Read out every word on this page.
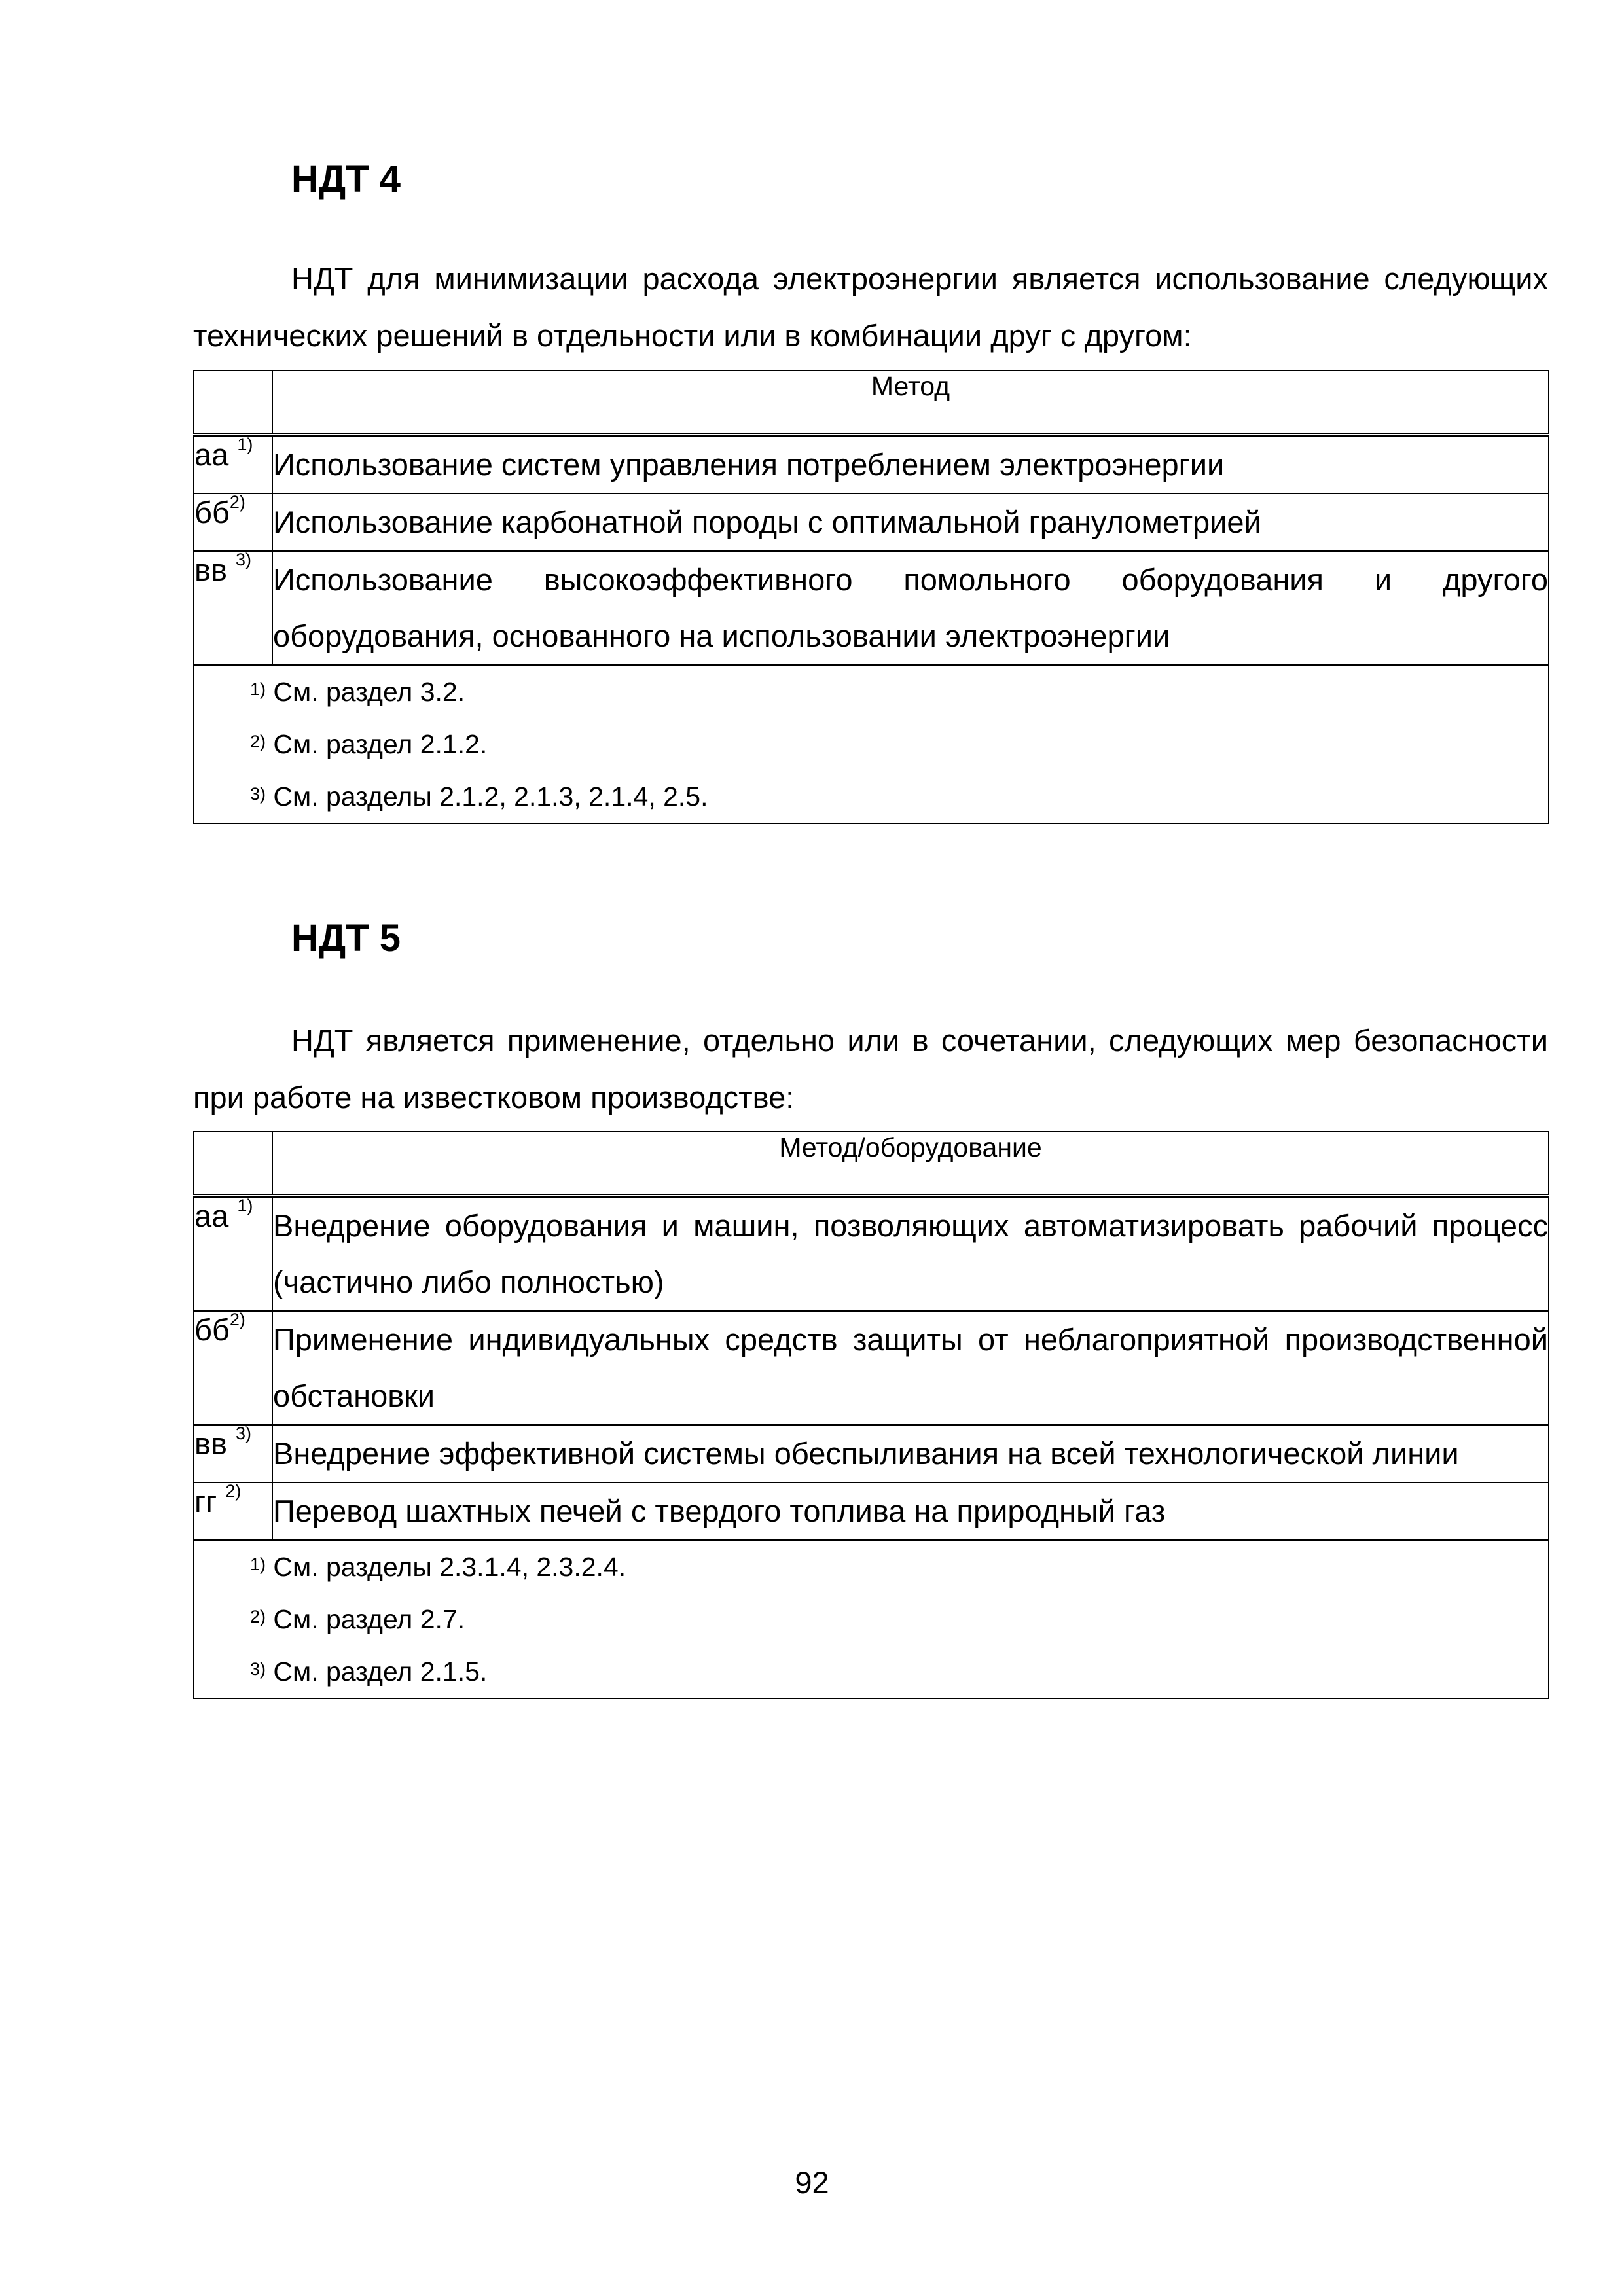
НДТ 4

НДТ для минимизации расхода электроэнергии является использование следующих технических решений в отдельности или в комбинации друг с другом:

	Метод
аа $^{1)}$	Использование систем управления потреблением электроэнергии
$бб^{2)}$	Использование карбонатной породы с оптимальной гранулометрией
вв $^{3)}$	Использование высокоэффективного помольного оборудования и другого оборудования, основанного на использовании электроэнергии

$^{1)}$ См. раздел 3.2.

$^{2)}$ См. раздел 2.1.2.

$^{3)}$ См. разделы 2.1.2, 2.1.3, 2.1.4, 2.5.	

НДТ 5

НДТ является применение, отдельно или в сочетании, следующих мер безопасности при работе на известковом производстве:

	Метод/оборудование
аа $^{1)}$	Внедрение оборудования и машин, позволяющих автоматизировать рабочий процесс (частично либо полностью)
$бб^{2)}$	Применение индивидуальных средств защиты от неблагоприятной производственной обстановки
вв $^{3)}$	Внедрение эффективной системы обеспыливания на всей технологической линии
гг $^{2)}$	Перевод шахтных печей с твердого топлива на природный газ

$^{1)}$ См. разделы 2.3.1.4, 2.3.2.4.

$^{2)}$ См. раздел 2.7.

$^{3)}$ См. раздел 2.1.5.	

92
